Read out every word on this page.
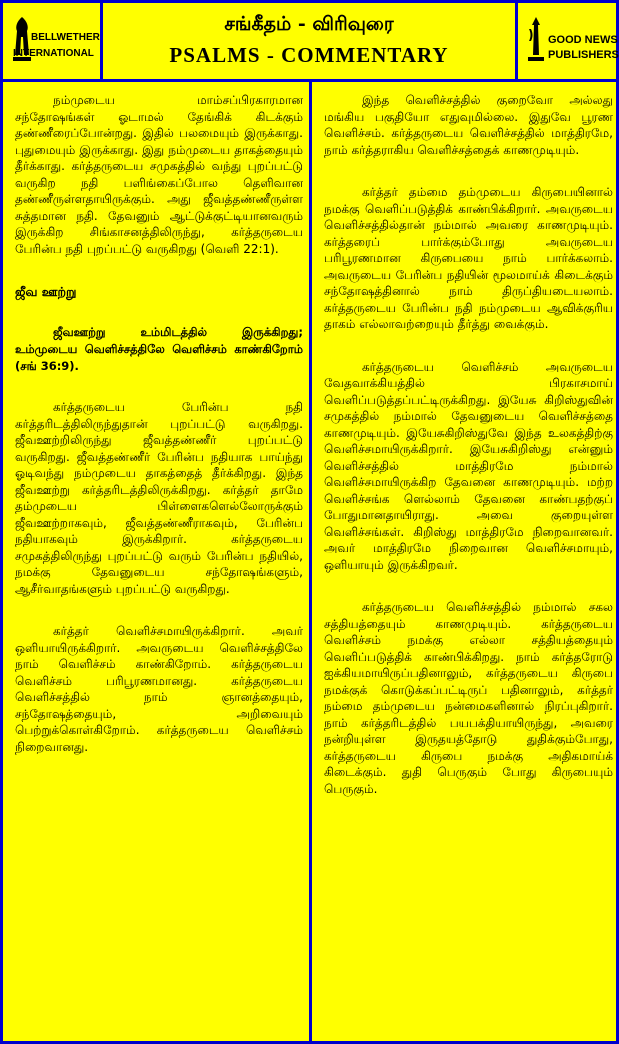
BELLWETHER
INTERNATIONAL
சங்கீதம் - விரிவுரை
PSALMS - COMMENTARY
GOOD NEWS
PUBLISHERS

நம்முடைய மாம்சப்பிரகாரமான சந்தோஷங்கள் ஓடாமல் தேங்கிக் கிடக்கும் தண்ணீரைப்போன்றது. இதில் பலமையும் இருக்காது. புதுமையும் இருக்காது. இது நம்முடைய தாகத்தையும் தீர்க்காது. கர்த்தருடைய சமுகத்தில் வந்து புறப்பட்டு வருகிற நதி பளிங்கைப்போல தெளிவான தண்ணீருள்ளதாயிருக்கும். அது ஜீவத்தண்ணீருள்ள சுத்தமான நதி. தேவனும் ஆட்டுக்குட்டியானவரும் இருக்கிற சிங்காசனத்திலிருந்து, கர்த்தருடைய பேரின்ப நதி புறப்பட்டு வருகிறது (வெளி 22:1).

ஜீவ ஊற்று

ஜீவஊற்று உம்மிடத்தில் இருக்கிறது; உம்முடைய வெளிச்சத்திலே வெளிச்சம் காண்கிறோம் (சங் 36:9).

கர்த்தருடைய பேரின்ப நதி கர்த்தரிடத்திலிருந்துதான் புறப்பட்டு வருகிறது. ஜீவஊற்றிலிருந்து ஜீவத்தண்ணீர் புறப்பட்டு வருகிறது. ஜீவத்தண்ணீர் பேரின்ப நதியாக பாய்ந்து ஓடிவந்து நம்முடைய தாகத்தைத் தீர்க்கிறது. இந்த ஜீவஊற்று கர்த்தரிடத்திலிருக்கிறது. கர்த்தர் தாமே தம்முடைய பிள்ளைகளெல்லோருக்கும் ஜீவஊற்றாகவும், ஜீவத்தண்ணீராகவும், பேரின்ப நதியாகவும் இருக்கிறார். கர்த்தருடைய சமுகத்திலிருந்து புறப்பட்டு வரும் பேரின்ப நதியில், நமக்கு தேவனுடைய சந்தோஷங்களும், ஆசீர்வாதங்களும் புறப்பட்டு வருகிறது.

கர்த்தர் வெளிச்சமாயிருக்கிறார். அவர் ஒளியாயிருக்கிறார். அவருடைய வெளிச்சத்திலே நாம் வெளிச்சம் காண்கிறோம். கர்த்தருடைய வெளிச்சம் பரிபூரணமானது. கர்த்தருடைய வெளிச்சத்தில் நாம் ஞானத்தையும், சந்தோஷத்தையும், அறிவையும் பெற்றுக்கொள்கிறோம். கர்த்தருடைய வெளிச்சம் நிறைவானது.

இந்த வெளிச்சத்தில் குறைவோ அல்லது மங்கிய பகுதியோ எதுவுமில்லை. இதுவே பூரண வெளிச்சம். கர்த்தருடைய வெளிச்சத்தில் மாத்திரமே, நாம் கர்த்தராகிய வெளிச்சத்தைக் காணமுடியும்.

கர்த்தர் தம்மை தம்முடைய கிருபையினால் நமக்கு வெளிப்படுத்திக் காண்பிக்கிறார். அவருடைய வெளிச்சத்தில்தான் நம்மால் அவரை காணமுடியும். கர்த்தரைப் பார்க்கும்போது அவருடைய பரிபூரணமான கிருபையை நாம் பார்க்கலாம். அவருடைய பேரின்ப நதியின் மூலமாய்க் கிடைக்கும் சந்தோஷத்தினால் நாம் திருப்தியடையலாம். கர்த்தருடைய பேரின்ப நதி நம்முடைய ஆவிக்குரிய தாகம் எல்லாவற்றையும் தீர்த்து வைக்கும்.

கர்த்தருடைய வெளிச்சம் அவருடைய வேதவாக்கியத்தில் பிரகாசமாய் வெளிப்படுத்தப்பட்டிருக்கிறது. இயேசு கிறிஸ்துவின் சமுகத்தில் நம்மால் தேவனுடைய வெளிச்சத்தை காணமுடியும். இயேசுகிறிஸ்துவே இந்த உலகத்திற்கு வெளிச்சமாயிருக்கிறார். இயேசுகிறிஸ்து என்னும் வெளிச்சத்தில் மாத்திரமே நம்மால் வெளிச்சமாயிருக்கிற தேவனை காணமுடியும். மற்ற வெளிச்சங்க ளெல்லாம் தேவனை காண்பதற்குப் போதுமானதாயிராது. அவை குறையுள்ள வெளிச்சங்கள். கிறிஸ்து மாத்திரமே நிறைவானவர். அவர் மாத்திரமே நிறைவான வெளிச்சமாயும், ஒளியாயும் இருக்கிறவர்.

கர்த்தருடைய வெளிச்சத்தில் நம்மால் சகல சத்தியத்தையும் காணமுடியும். கர்த்தருடைய வெளிச்சம் நமக்கு எல்லா சத்தியத்தையும் வெளிப்படுத்திக் காண்பிக்கிறது. நாம் கர்த்தரோடு ஐக்கியமாயிருப்பதினாலும், கர்த்தருடைய கிருபை நமக்குக் கொடுக்கப்பட்டிருப் பதினாலும், கர்த்தர் நம்மை தம்முடைய நன்மைகளினால் நிரப்புகிறார். நாம் கர்த்தரிடத்தில் பயபக்தியாயிருந்து, அவரை நன்றியுள்ள இருதயத்தோடு துதிக்கும்போது, கர்த்தருடைய கிருபை நமக்கு அதிகமாய்க் கிடைக்கும். துதி பெருகும் போது கிருபையும் பெருகும்.
